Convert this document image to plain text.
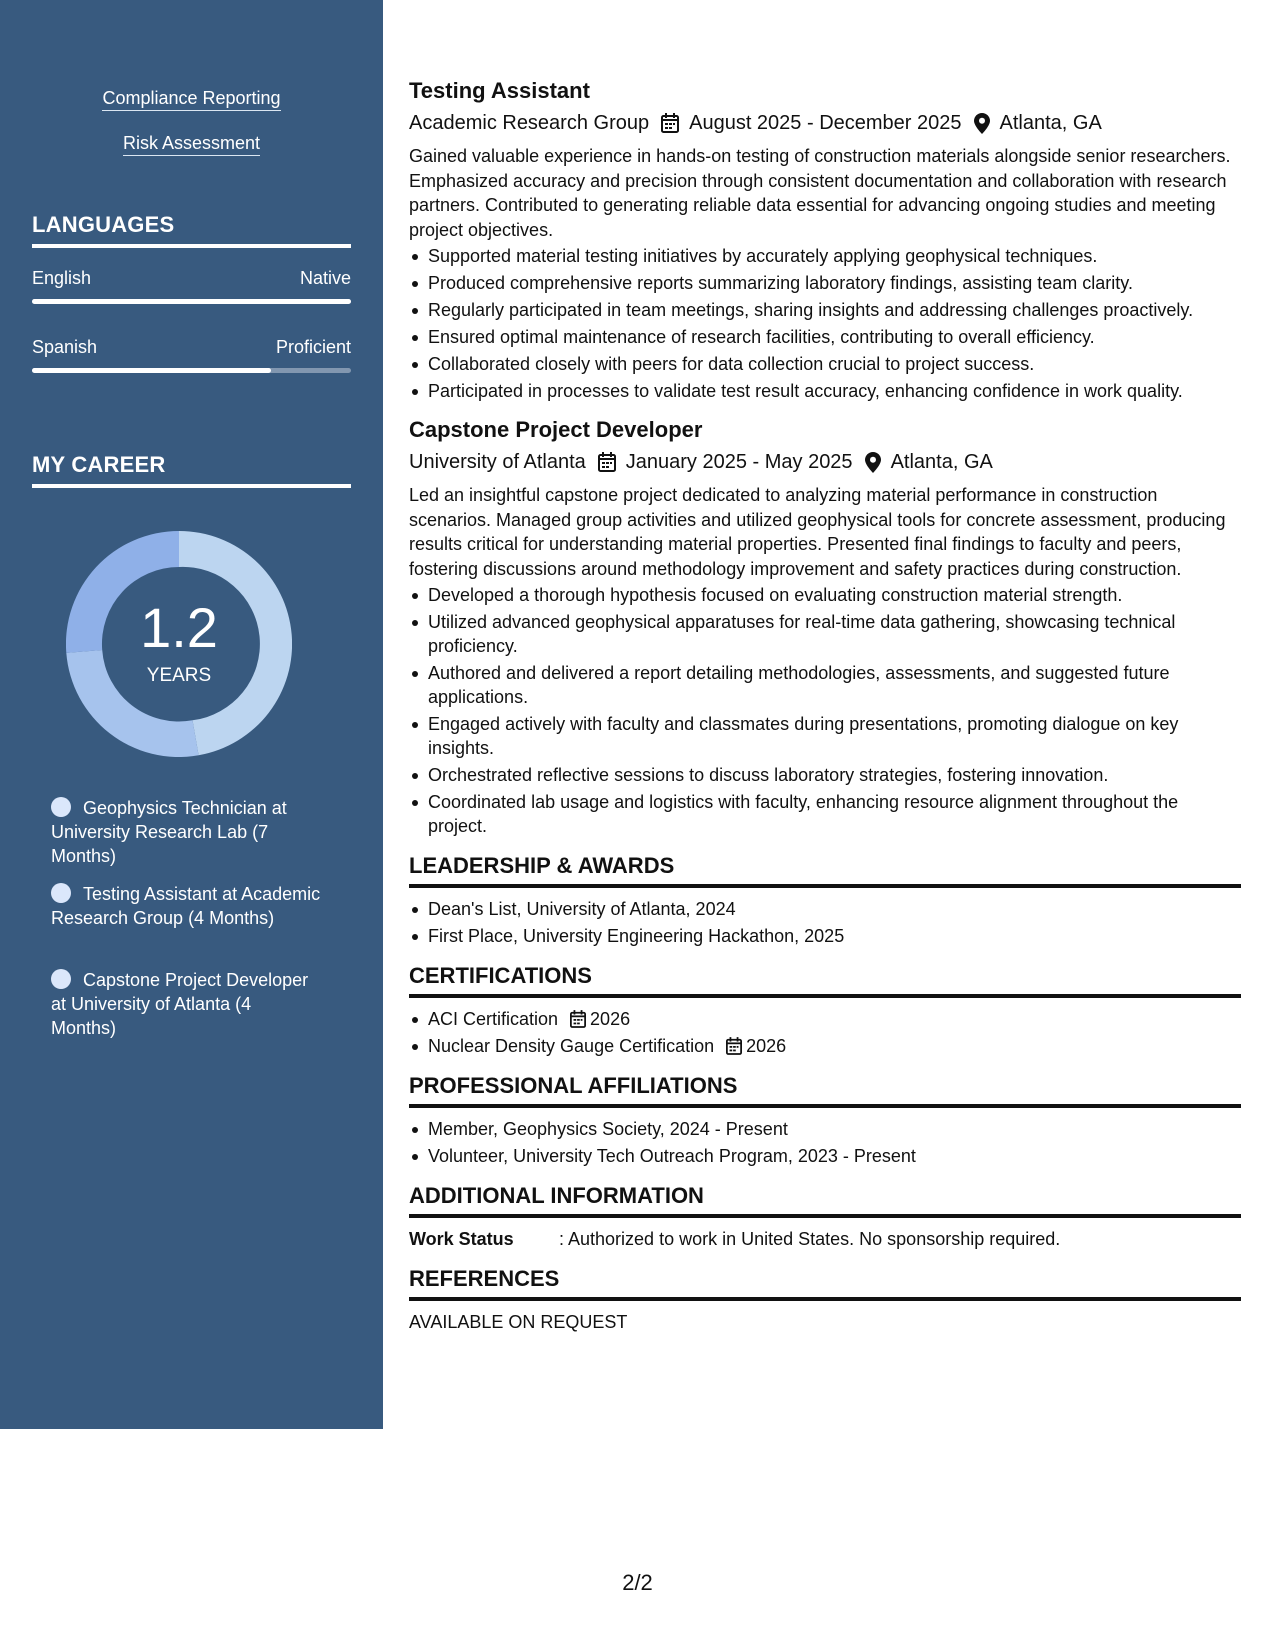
Compliance Reporting
Risk Assessment
LANGUAGES
English	Native
Spanish	Proficient
MY CAREER
1.2
YEARS
Geophysics Technician at University Research Lab (7 Months)
Testing Assistant at Academic Research Group (4 Months)
Capstone Project Developer at University of Atlanta (4 Months)
Testing Assistant
Academic Research Group August 2025 - December 2025 Atlanta, GA
Gained valuable experience in hands-on testing of construction materials alongside senior researchers. Emphasized accuracy and precision through consistent documentation and collaboration with research partners. Contributed to generating reliable data essential for advancing ongoing studies and meeting project objectives.
Supported material testing initiatives by accurately applying geophysical techniques.
Produced comprehensive reports summarizing laboratory findings, assisting team clarity.
Regularly participated in team meetings, sharing insights and addressing challenges proactively.
Ensured optimal maintenance of research facilities, contributing to overall efficiency.
Collaborated closely with peers for data collection crucial to project success.
Participated in processes to validate test result accuracy, enhancing confidence in work quality.
Capstone Project Developer
University of Atlanta January 2025 - May 2025 Atlanta, GA
Led an insightful capstone project dedicated to analyzing material performance in construction scenarios. Managed group activities and utilized geophysical tools for concrete assessment, producing results critical for understanding material properties. Presented final findings to faculty and peers, fostering discussions around methodology improvement and safety practices during construction.
Developed a thorough hypothesis focused on evaluating construction material strength.
Utilized advanced geophysical apparatuses for real-time data gathering, showcasing technical proficiency.
Authored and delivered a report detailing methodologies, assessments, and suggested future applications.
Engaged actively with faculty and classmates during presentations, promoting dialogue on key insights.
Orchestrated reflective sessions to discuss laboratory strategies, fostering innovation.
Coordinated lab usage and logistics with faculty, enhancing resource alignment throughout the project.
LEADERSHIP & AWARDS
Dean's List, University of Atlanta, 2024
First Place, University Engineering Hackathon, 2025
CERTIFICATIONS
ACI Certification 2026
Nuclear Density Gauge Certification 2026
PROFESSIONAL AFFILIATIONS
Member, Geophysics Society, 2024 - Present
Volunteer, University Tech Outreach Program, 2023 - Present
ADDITIONAL INFORMATION
Work Status	: Authorized to work in United States. No sponsorship required.
REFERENCES
AVAILABLE ON REQUEST
2/2
